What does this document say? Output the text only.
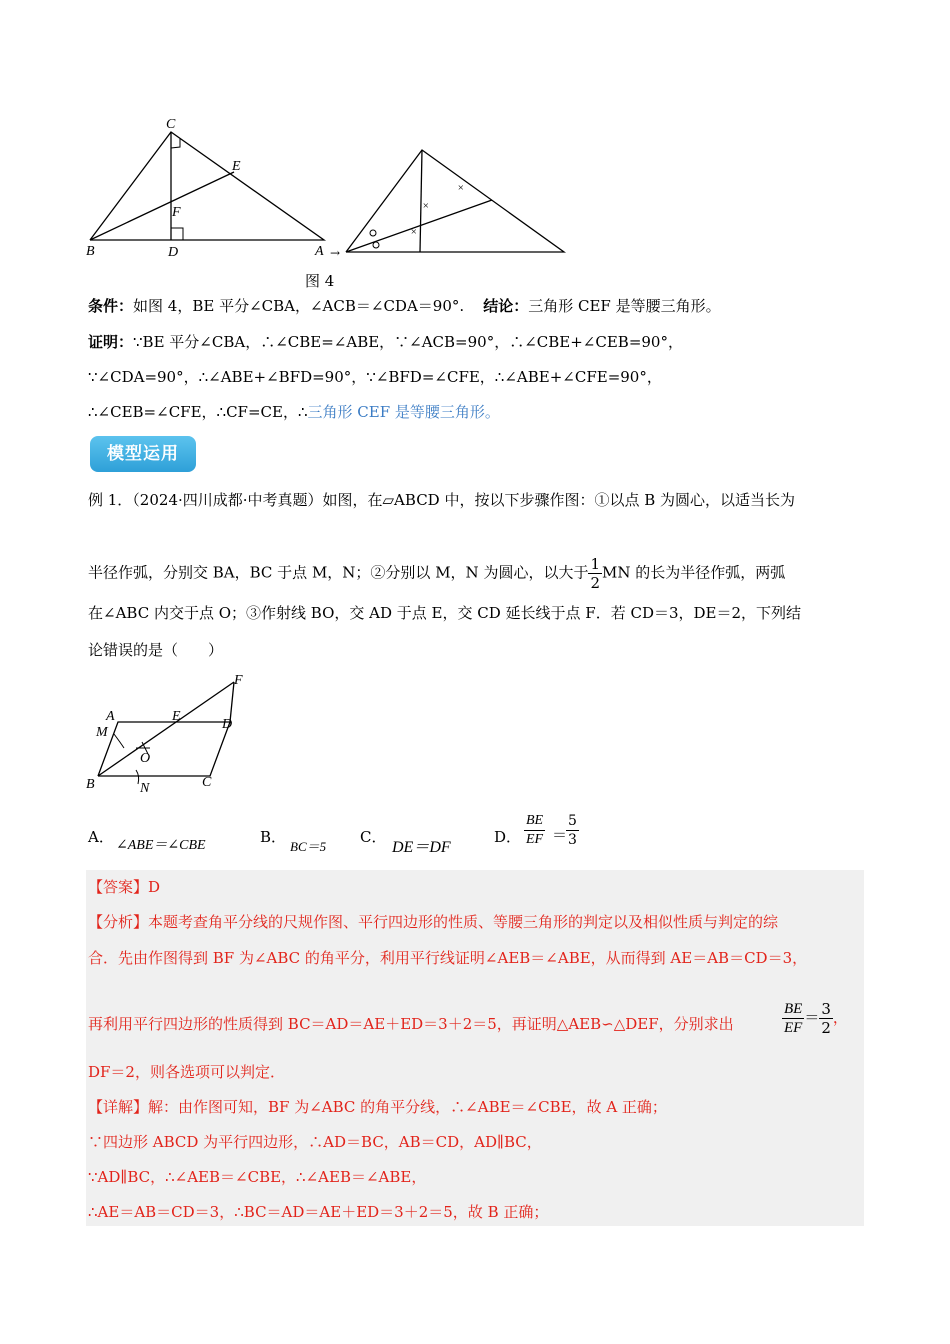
C
E
F
B	D	A →
×
×
×
图 4
条件：如图 4，BE 平分∠CBA，∠ACB＝∠CDA＝90°. 结论：三角形 CEF 是等腰三角形。
证明：∵BE 平分∠CBA，∴∠CBE=∠ABE，∵∠ACB=90°，∴∠CBE+∠CEB=90°，
∵∠CDA=90°，∴∠ABE+∠BFD=90°，∵∠BFD=∠CFE，∴∠ABE+∠CFE=90°，
∴∠CEB=∠CFE，∴CF=CE，∴三角形 CEF 是等腰三角形。
模型运用
例 1．（2024·四川成都·中考真题）如图，在▱ABCD 中，按以下步骤作图：①以点 B 为圆心，以适当长为
半径作弧，分别交 BA，BC 于点 M，N；②分别以 M，N 为圆心，以大于 $\frac{1}{2}$ MN 的长为半径作弧，两弧
在∠ABC 内交于点 O；③作射线 BO，交 AD 于点 E，交 CD 延长线于点 F．若 CD＝3，DE＝2，下列结
论错误的是（　　）
F
A	E
D
M
O
B	N	C
A． ∠ABE＝∠CBE	B．
BC＝5
C．
DE＝DF
D． $\frac{BE}{EF}$ ＝
$\frac{5}{3}$
【答案】D
【分析】本题考查角平分线的尺规作图、平行四边形的性质、等腰三角形的判定以及相似性质与判定的综
合．先由作图得到 BF 为∠ABC 的角平分，利用平行线证明∠AEB＝∠ABE，从而得到 AE＝AB＝CD＝3，
再利用平行四边形的性质得到 BC＝AD＝AE＋ED＝3＋2＝5，再证明△AEB∽△DEF，分别求出	$\frac{BE}{EF} = \frac{3}{2}$ ，
DF＝2，则各选项可以判定．
【详解】解：由作图可知，BF 为∠ABC 的角平分线，∴∠ABE＝∠CBE，故 A 正确；
∵四边形 ABCD 为平行四边形，∴AD＝BC，AB＝CD，AD∥BC，
∵AD∥BC，∴∠AEB＝∠CBE，∴∠AEB＝∠ABE，
∴AE＝AB＝CD＝3，∴BC＝AD＝AE＋ED＝3＋2＝5，故 B 正确；
